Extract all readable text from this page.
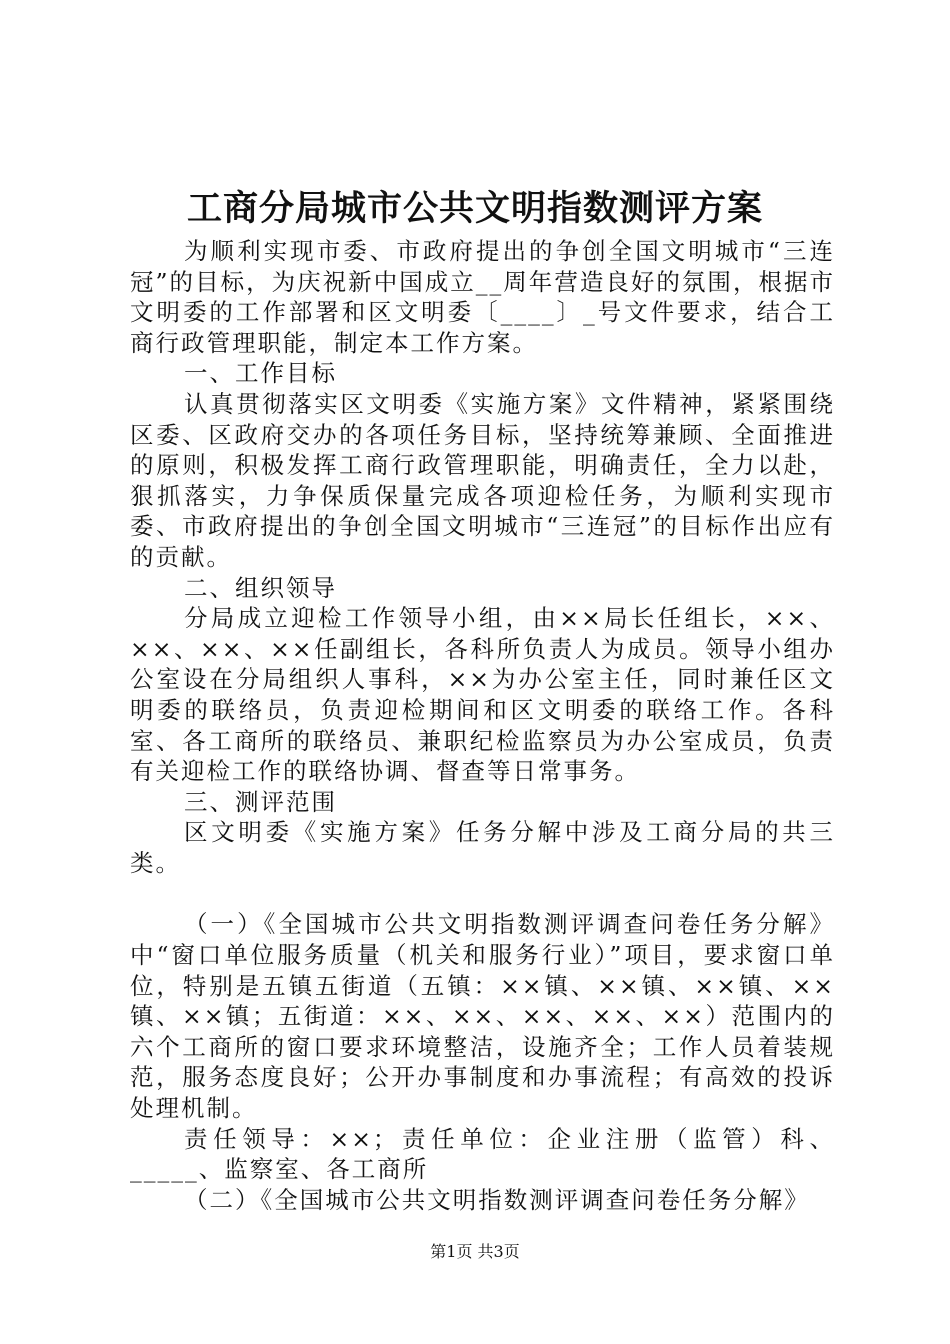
工商分局城市公共文明指数测评方案

为顺利实现市委、市政府提出的争创全国文明城市“三连冠”的目标，为庆祝新中国成立__周年营造良好的氛围，根据市文明委的工作部署和区文明委〔____〕_号文件要求，结合工商行政管理职能，制定本工作方案。

一、工作目标

认真贯彻落实区文明委《实施方案》文件精神，紧紧围绕区委、区政府交办的各项任务目标，坚持统筹兼顾、全面推进的原则，积极发挥工商行政管理职能，明确责任，全力以赴，狠抓落实，力争保质保量完成各项迎检任务，为顺利实现市委、市政府提出的争创全国文明城市“三连冠”的目标作出应有的贡献。

二、组织领导

分局成立迎检工作领导小组，由××局长任组长，××、××、××、××任副组长，各科所负责人为成员。领导小组办公室设在分局组织人事科，××为办公室主任，同时兼任区文明委的联络员，负责迎检期间和区文明委的联络工作。各科室、各工商所的联络员、兼职纪检监察员为办公室成员，负责有关迎检工作的联络协调、督查等日常事务。

三、测评范围

区文明委《实施方案》任务分解中涉及工商分局的共三类。

（一）《全国城市公共文明指数测评调查问卷任务分解》中“窗口单位服务质量（机关和服务行业）”项目，要求窗口单位，特别是五镇五街道（五镇：××镇、××镇、××镇、××镇、××镇；五街道：××、××、××、××、××）范围内的六个工商所的窗口要求环境整洁，设施齐全；工作人员着装规范，服务态度良好；公开办事制度和办事流程；有高效的投诉处理机制。

责任领导：××；责任单位：企业注册（监管）科、_____、监察室、各工商所

（二）《全国城市公共文明指数测评调查问卷任务分解》

第1页 共3页
